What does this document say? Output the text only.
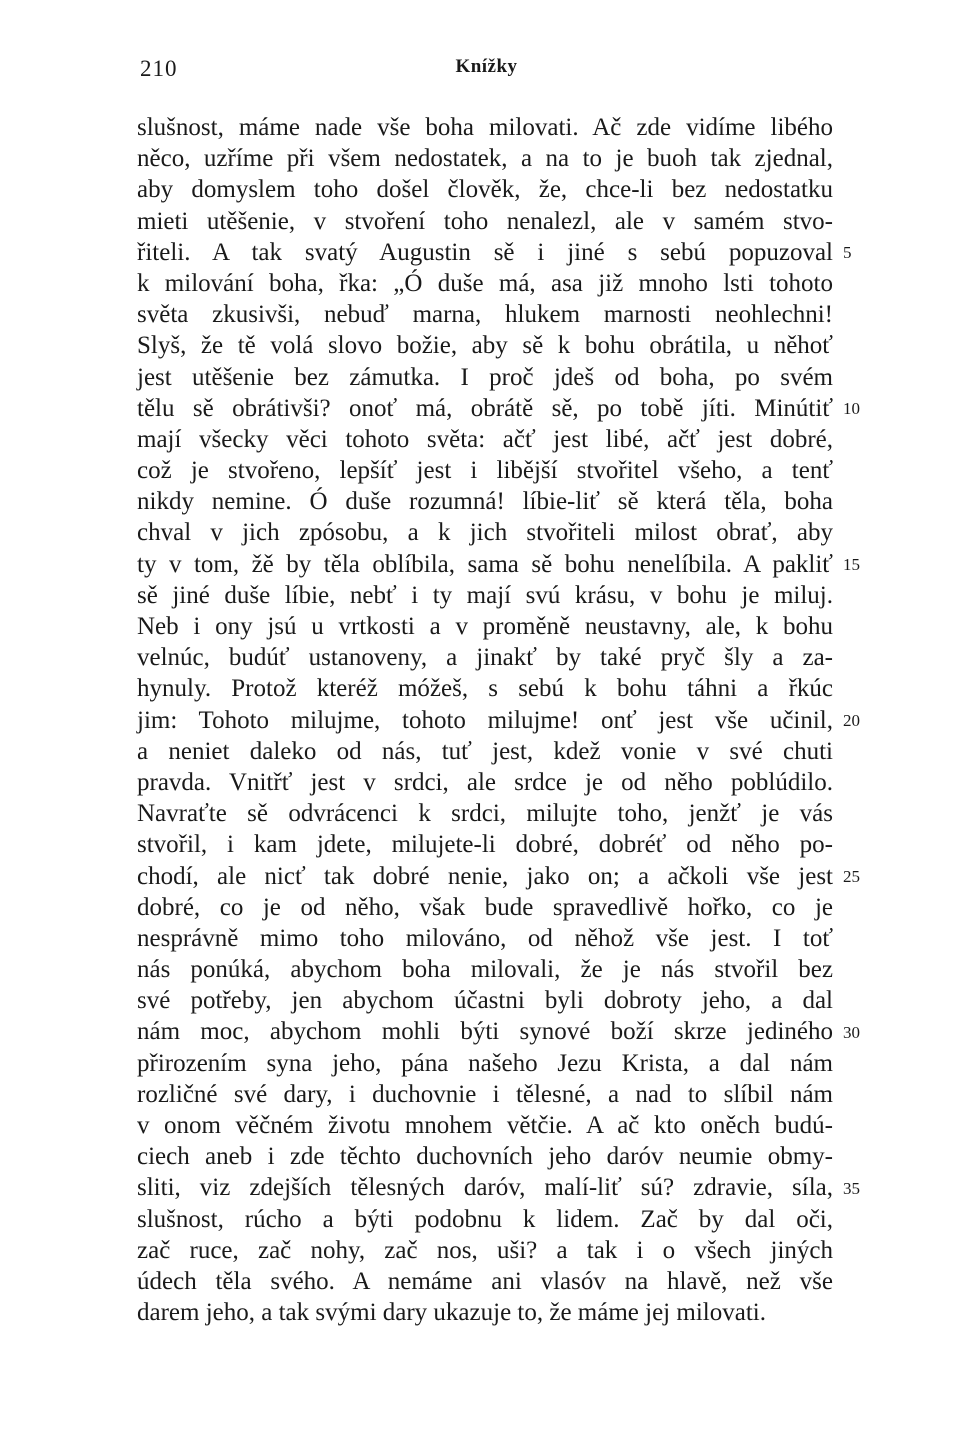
210	Knížky
slušnost, máme nade vše boha milovati. Ač zde vidíme libého
něco, uzříme při všem nedostatek, a na to je buoh tak zjednal,
aby domyslem toho došel člověk, že, chce-li bez nedostatku
mieti utěšenie, v stvoření toho nenalezl, ale v samém stvo-
řiteli. A tak svatý Augustin sě i jiné s sebú popuzoval
k milování boha, řka: „Ó duše má, asa již mnoho lsti tohoto
světa zkusivši, nebuď marna, hlukem marnosti neohlechni!
Slyš, že tě volá slovo božie, aby sě k bohu obrátila, u něhoť
jest utěšenie bez zámutka. I proč jdeš od boha, po svém
tělu sě obrátivši? onoť má, obrátě sě, po tobě jíti. Minútiť
mají všecky věci tohoto světa: ačť jest libé, ačť jest dobré,
což je stvořeno, lepšíť jest i libější stvořitel všeho, a tenť
nikdy nemine. Ó duše rozumná! líbie-liť sě která těla, boha
chval v jich zpósobu, a k jich stvořiteli milost obrať, aby
ty v tom, žě by těla oblíbila, sama sě bohu nenelíbila. A pakliť
sě jiné duše líbie, nebť i ty mají svú krásu, v bohu je miluj.
Neb i ony jsú u vrtkosti a v proměně neustavny, ale, k bohu
velnúc, budúť ustanoveny, a jinakť by také pryč šly a za-
hynuly. Protož kteréž móžeš, s sebú k bohu táhni a řkúc
jim: Tohoto milujme, tohoto milujme! onť jest vše učinil,
a neniet daleko od nás, tuť jest, kdež vonie v své chuti
pravda. Vnitřť jest v srdci, ale srdce je od něho poblúdilo.
Navraťte sě odvrácenci k srdci, milujte toho, jenžť je vás
stvořil, i kam jdete, milujete-li dobré, dobréť od něho po-
chodí, ale nicť tak dobré nenie, jako on; a ačkoli vše jest
dobré, co je od něho, však bude spravedlivě hořko, co je
nesprávně mimo toho milováno, od něhož vše jest. I toť
nás ponúká, abychom boha milovali, že je nás stvořil bez
své potřeby, jen abychom účastni byli dobroty jeho, a dal
nám moc, abychom mohli býti synové boží skrze jediného
přirozením syna jeho, pána našeho Jezu Krista, a dal nám
rozličné své dary, i duchovnie i tělesné, a nad to slíbil nám
v onom věčném životu mnohem větčie. A ač kto oněch budú-
ciech aneb i zde těchto duchovních jeho daróv neumie obmy-
sliti, viz zdejších tělesných daróv, malí-liť sú? zdravie, síla,
slušnost, rúcho a býti podobnu k lidem. Zač by dal oči,
zač ruce, zač nohy, zač nos, uši? a tak i o všech jiných
údech těla svého. A nemáme ani vlasóv na hlavě, než vše
darem jeho, a tak svými dary ukazuje to, že máme jej milovati.
5
10
15
20
25
30
35
